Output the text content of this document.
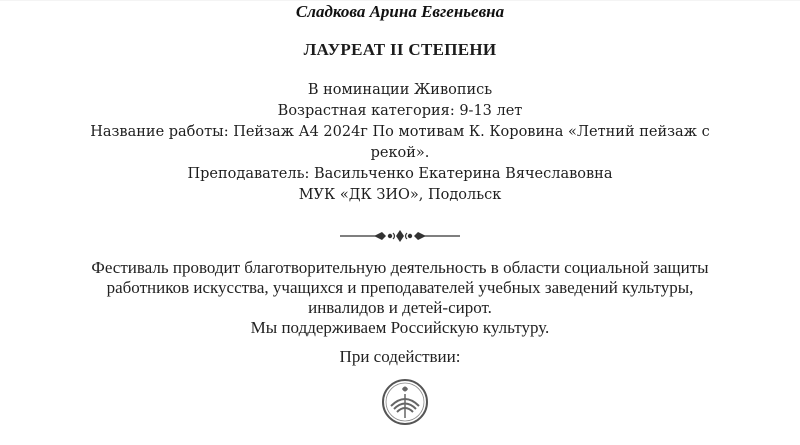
Сладкова Арина Евгеньевна
ЛАУРЕАТ II СТЕПЕНИ
В номинации Живопись
Возрастная категория: 9-13 лет
Название работы: Пейзаж А4 2024г По мотивам К. Коровина «Летний пейзаж с
рекой».
Преподаватель: Васильченко Екатерина Вячеславовна
МУК «ДК ЗИО», Подольск
Фестиваль проводит благотворительную деятельность в области социальной защиты
работников искусства, учащихся и преподавателей учебных заведений культуры,
инвалидов и детей-сирот.
Мы поддерживаем Российскую культуру.
При содействии:
